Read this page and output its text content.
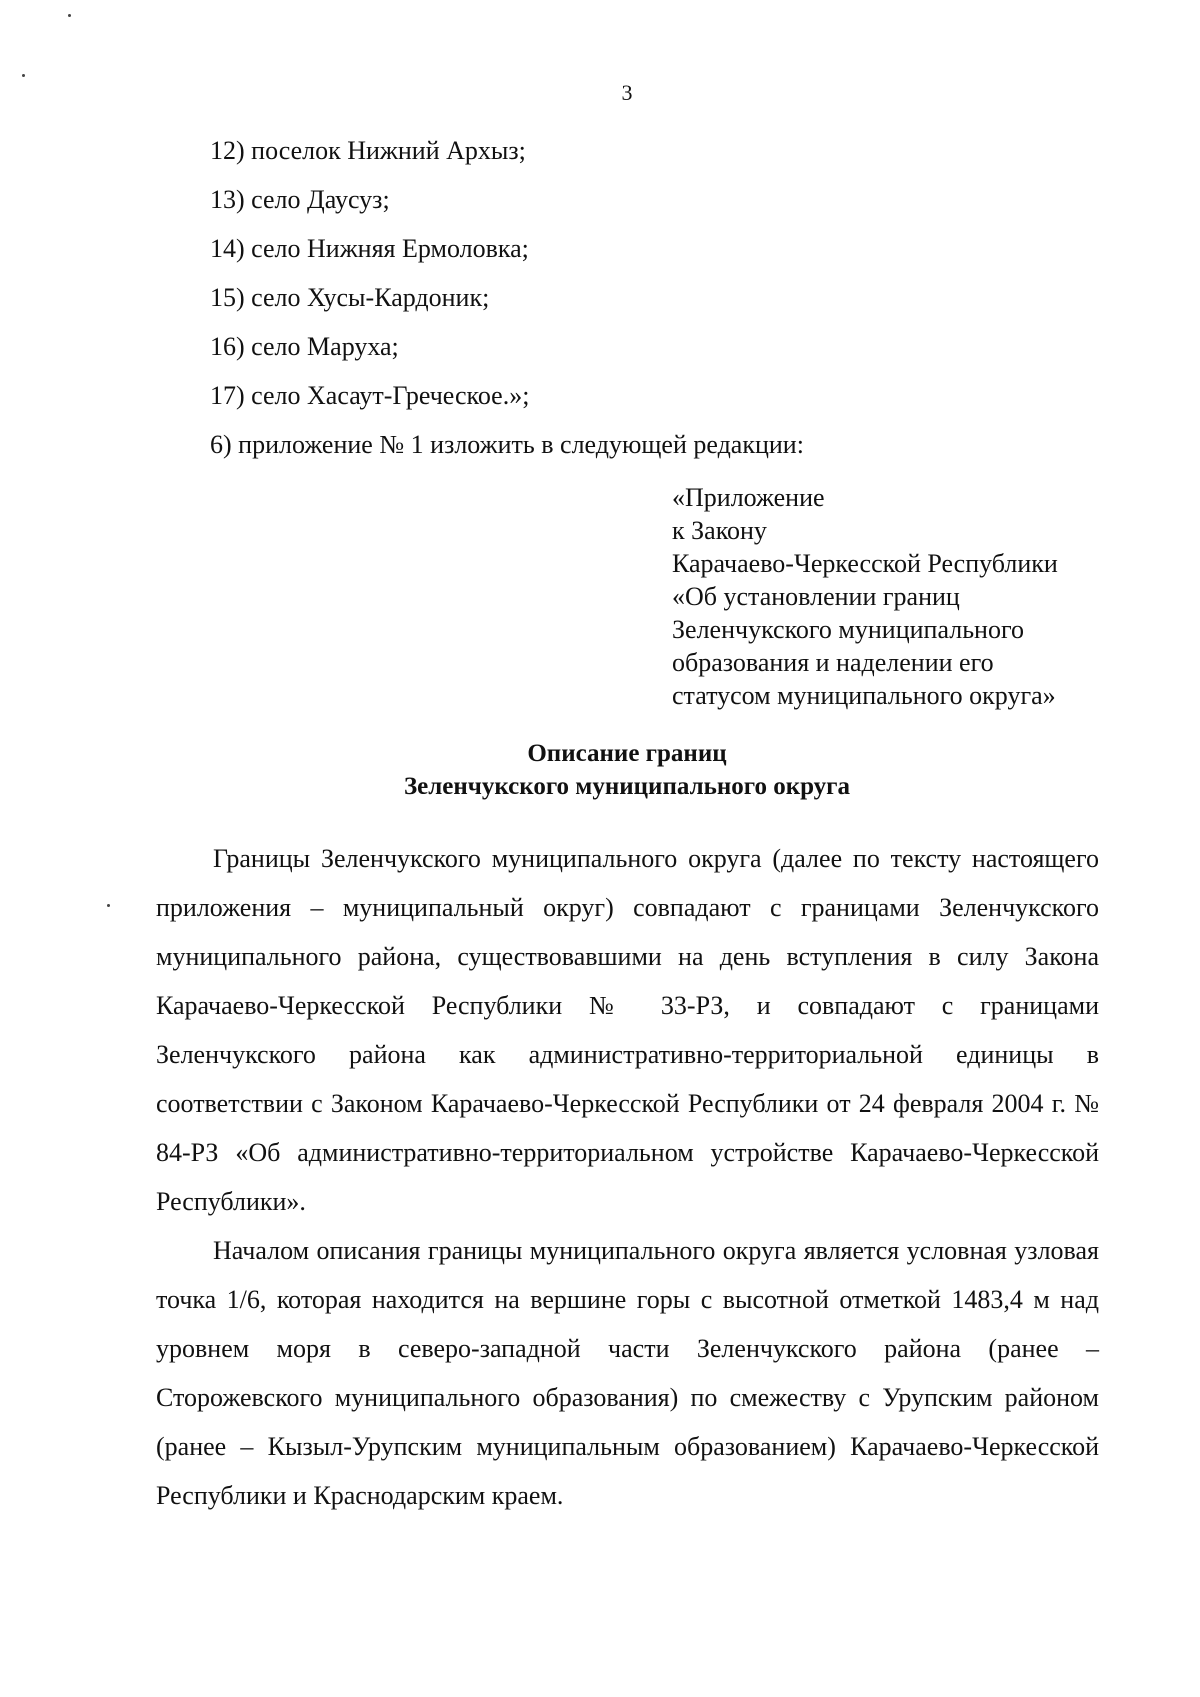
3
12) поселок Нижний Архыз;
13) село Даусуз;
14) село Нижняя Ермоловка;
15) село Хусы-Кардоник;
16) село Маруха;
17) село Хасаут-Греческое.»;
6) приложение № 1 изложить в следующей редакции:
«Приложение
к Закону
Карачаево-Черкесской Республики
«Об установлении границ
Зеленчукского муниципального
образования и наделении его
статусом муниципального округа»
Описание границ
Зеленчукского муниципального округа

Границы Зеленчукского муниципального округа (далее по тексту настоящего приложения – муниципальный округ) совпадают с границами Зеленчукского муниципального района, существовавшими на день вступления в силу Закона Карачаево-Черкесской Республики № 33-РЗ, и совпадают с границами Зеленчукского района как административно-территориальной единицы в соответствии с Законом Карачаево-Черкесской Республики от 24 февраля 2004 г. № 84-РЗ «Об административно-территориальном устройстве Карачаево-Черкесской Республики».

Началом описания границы муниципального округа является условная узловая точка 1/6, которая находится на вершине горы с высотной отметкой 1483,4 м над уровнем моря в северо-западной части Зеленчукского района (ранее – Сторожевского муниципального образования) по смежеству с Урупским районом (ранее – Кызыл-Урупским муниципальным образованием) Карачаево-Черкесской Республики и Краснодарским краем.
